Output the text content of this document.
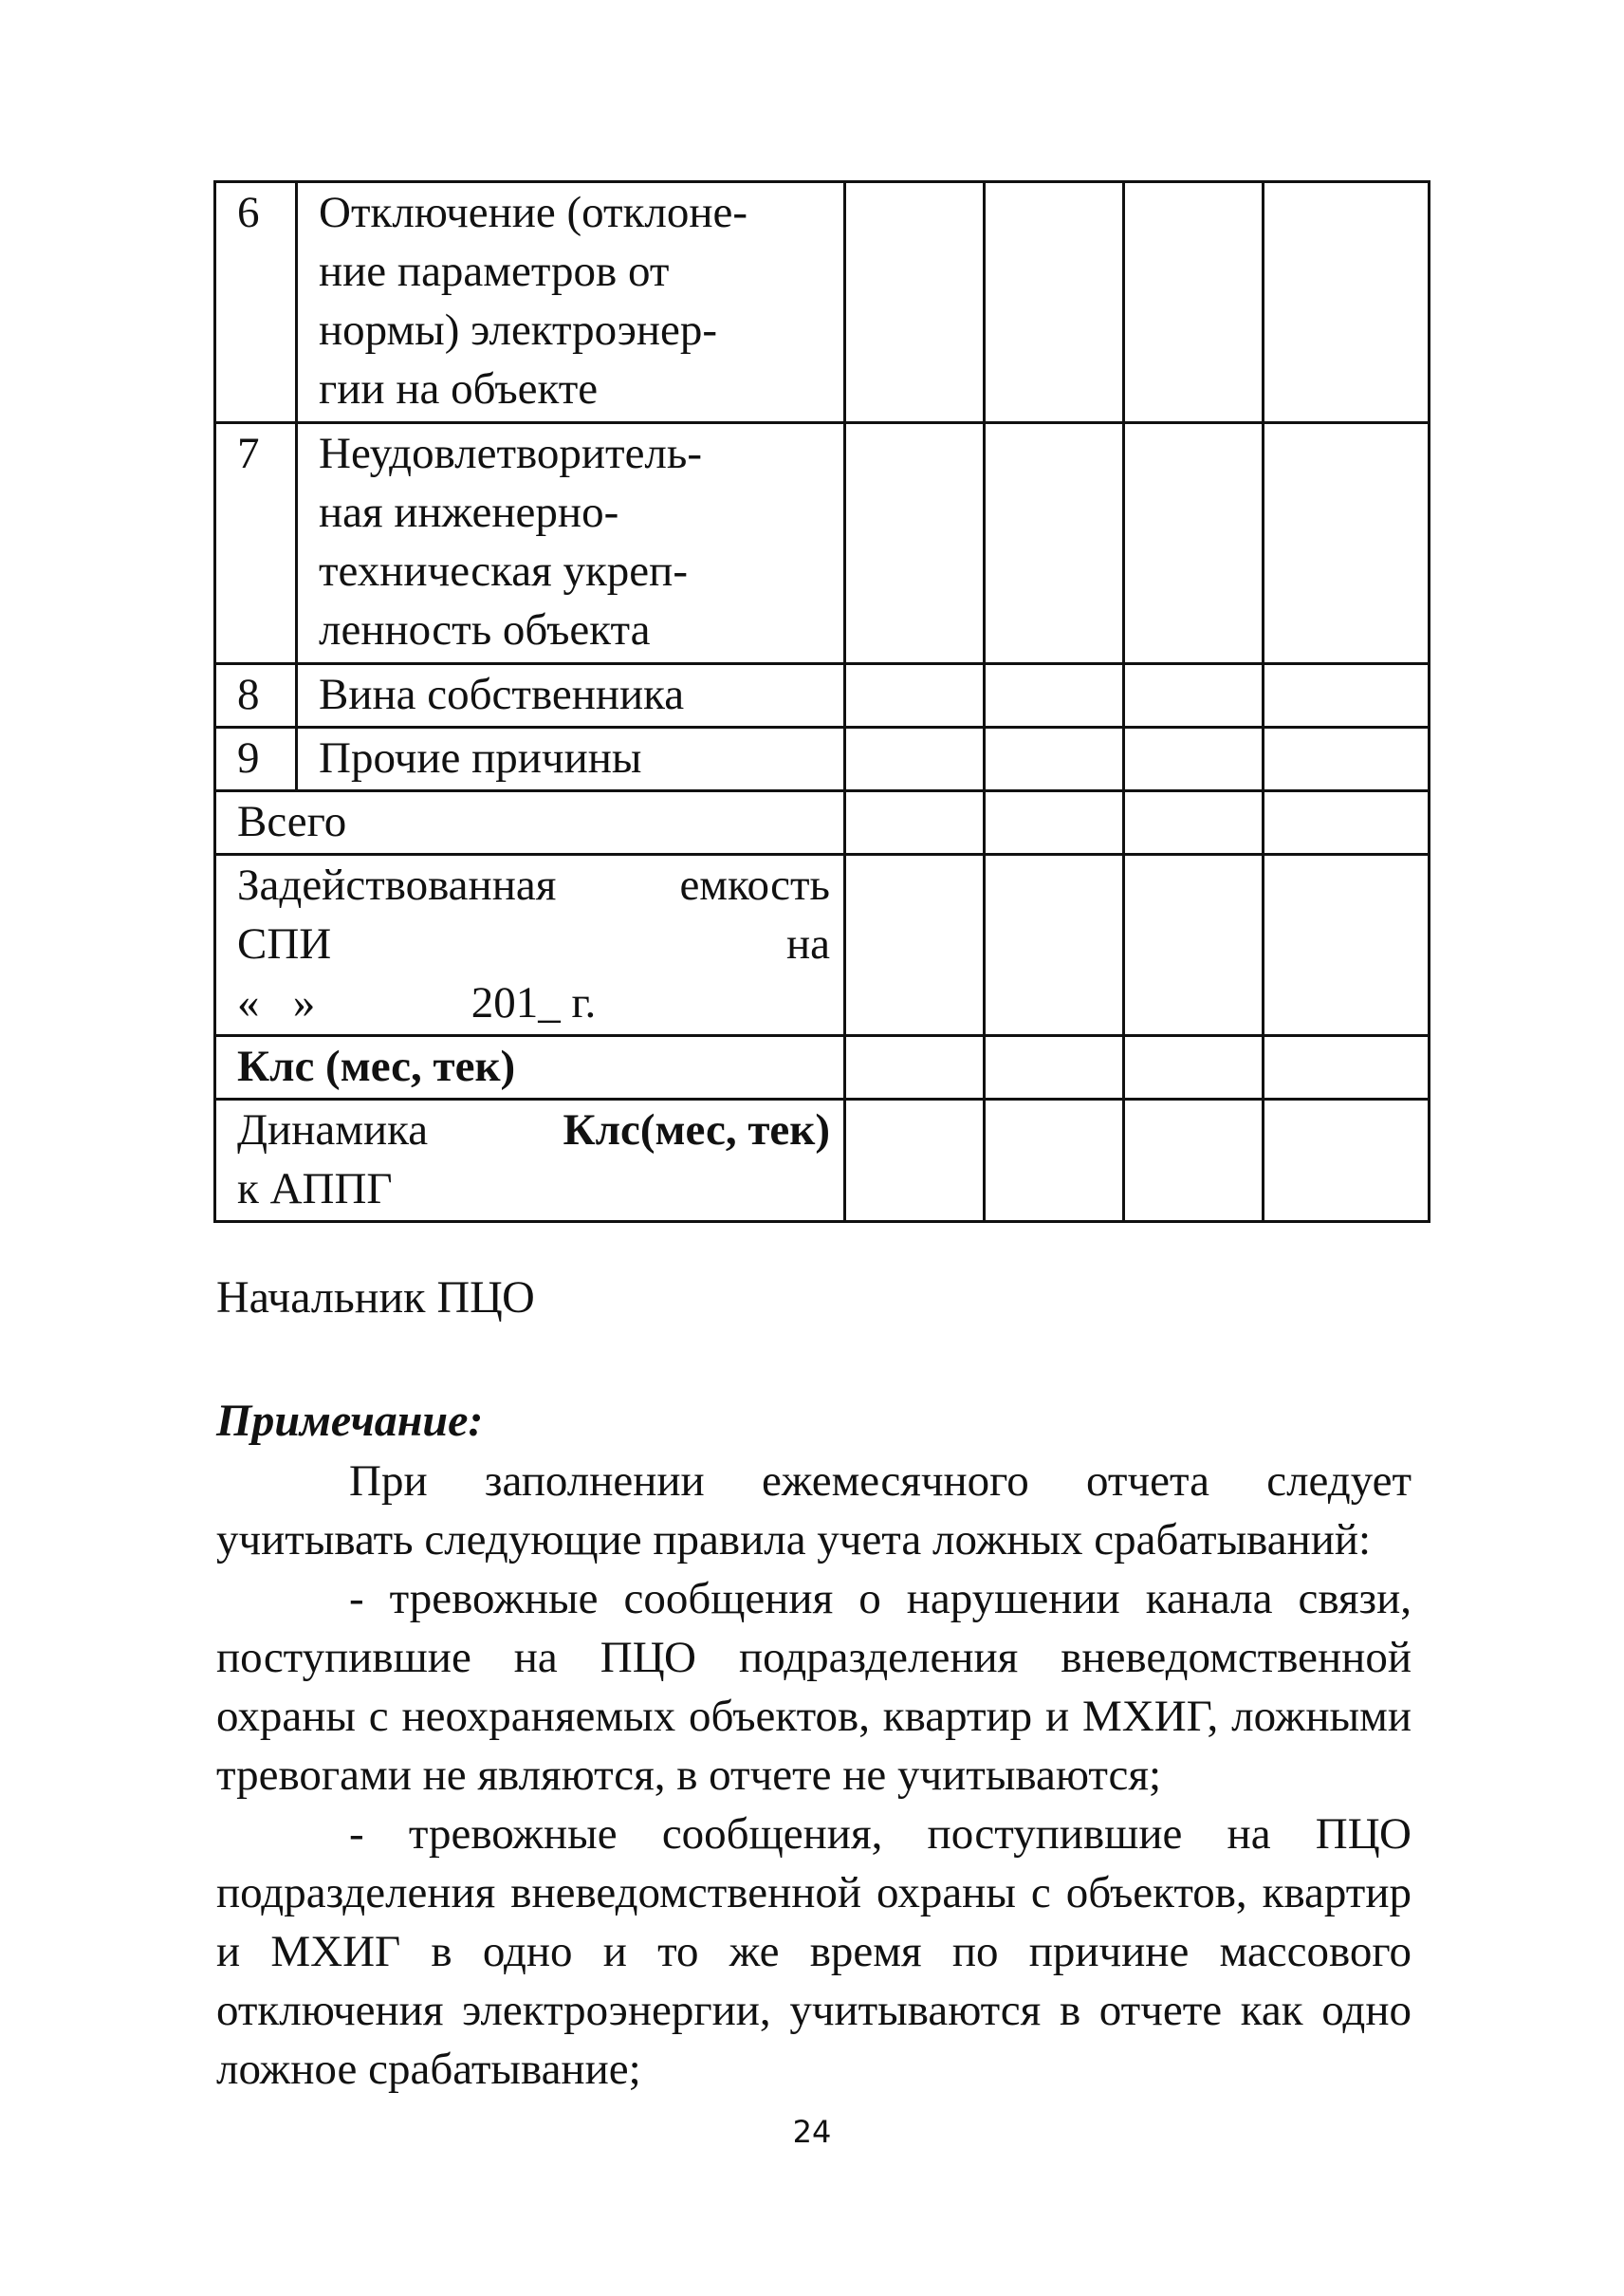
6	Отключение (отклоне-
ние параметров от
нормы) электроэнер-
гии на объекте				

7	Неудовлетворитель-
ная инженерно-
техническая укреп-
ленность объекта				

8	Вина собственника				
9	Прочие причины				
Всего					

Задействованная емкость
СПИ на
«   »              201_ г.					

Клс (мес, тек)					

Динамика Клс(мес, тек)
к АППГ					

Начальник ПЦО
Примечание:

При заполнении ежемесячного отчета следует учитывать следующие правила учета ложных срабатываний:

- тревожные сообщения о нарушении канала связи, поступившие на ПЦО подразделения вневедомственной охраны с неохраняемых объектов, квартир и МХИГ, ложными тревогами не являются, в отчете не учитываются;

- тревожные сообщения, поступившие на ПЦО подразделения вневедомственной охраны с объектов, квартир и МХИГ в одно и то же время по причине массового отключения электроэнергии, учитываются в отчете как одно ложное срабатывание;

24
